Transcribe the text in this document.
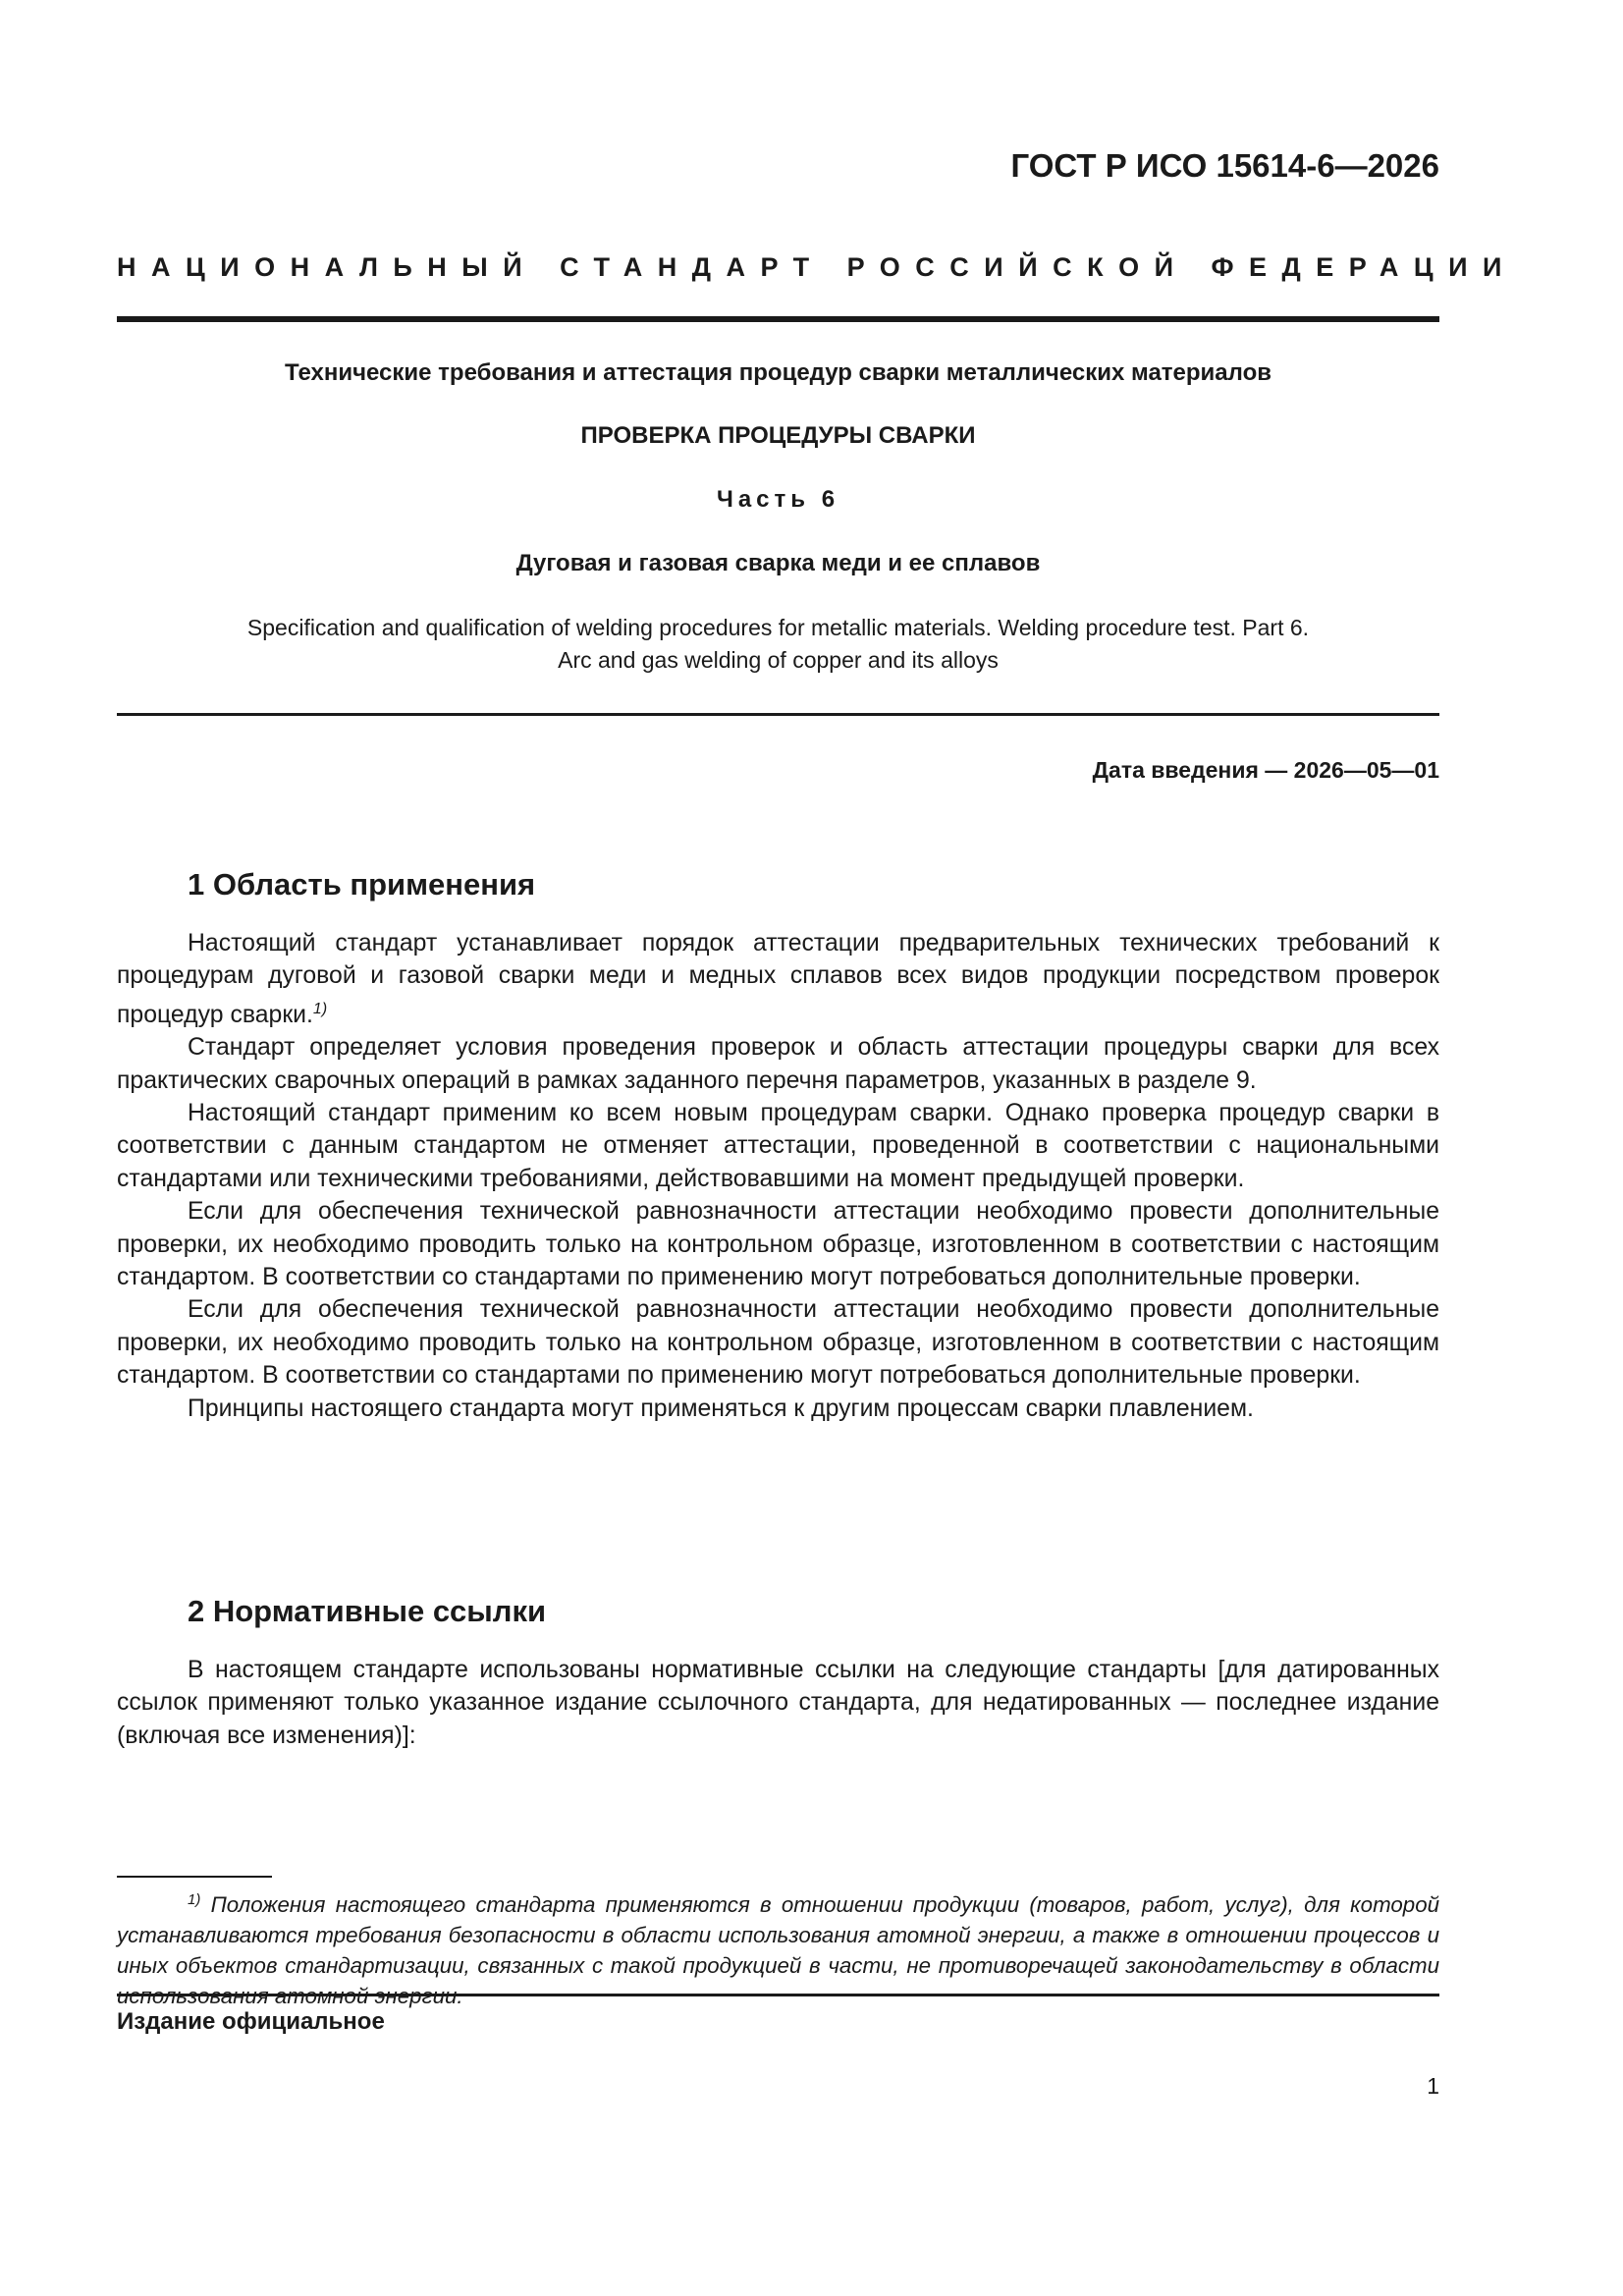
ГОСТ Р ИСО 15614-6—2026
НАЦИОНАЛЬНЫЙ СТАНДАРТ РОССИЙСКОЙ ФЕДЕРАЦИИ
Технические требования и аттестация процедур сварки металлических материалов
ПРОВЕРКА ПРОЦЕДУРЫ СВАРКИ
Часть 6
Дуговая и газовая сварка меди и ее сплавов
Specification and qualification of welding procedures for metallic materials. Welding procedure test. Part 6.
Arc and gas welding of copper and its alloys
Дата введения — 2026—05—01
1 Область применения

Настоящий стандарт устанавливает порядок аттестации предварительных технических требований к процедурам дуговой и газовой сварки меди и медных сплавов всех видов продукции посредством проверок процедур сварки.$^{1)}$

Стандарт определяет условия проведения проверок и область аттестации процедуры сварки для всех практических сварочных операций в рамках заданного перечня параметров, указанных в разделе 9.

Настоящий стандарт применим ко всем новым процедурам сварки. Однако проверка процедур сварки в соответствии с данным стандартом не отменяет аттестации, проведенной в соответствии с национальными стандартами или техническими требованиями, действовавшими на момент предыдущей проверки.

Если для обеспечения технической равнозначности аттестации необходимо провести дополнительные проверки, их необходимо проводить только на контрольном образце, изготовленном в соответствии с настоящим стандартом. В соответствии со стандартами по применению могут потребоваться дополнительные проверки.

Если для обеспечения технической равнозначности аттестации необходимо провести дополнительные проверки, их необходимо проводить только на контрольном образце, изготовленном в соответствии с настоящим стандартом. В соответствии со стандартами по применению могут потребоваться дополнительные проверки.

Принципы настоящего стандарта могут применяться к другим процессам сварки плавлением.

2 Нормативные ссылки

В настоящем стандарте использованы нормативные ссылки на следующие стандарты [для датированных ссылок применяют только указанное издание ссылочного стандарта, для недатированных — последнее издание (включая все изменения)]:

$^{1)}$ Положения настоящего стандарта применяются в отношении продукции (товаров, работ, услуг), для которой устанавливаются требования безопасности в области использования атомной энергии, а также в отношении процессов и иных объектов стандартизации, связанных с такой продукцией в части, не противоречащей законодательству в области
Издание официальное
1
